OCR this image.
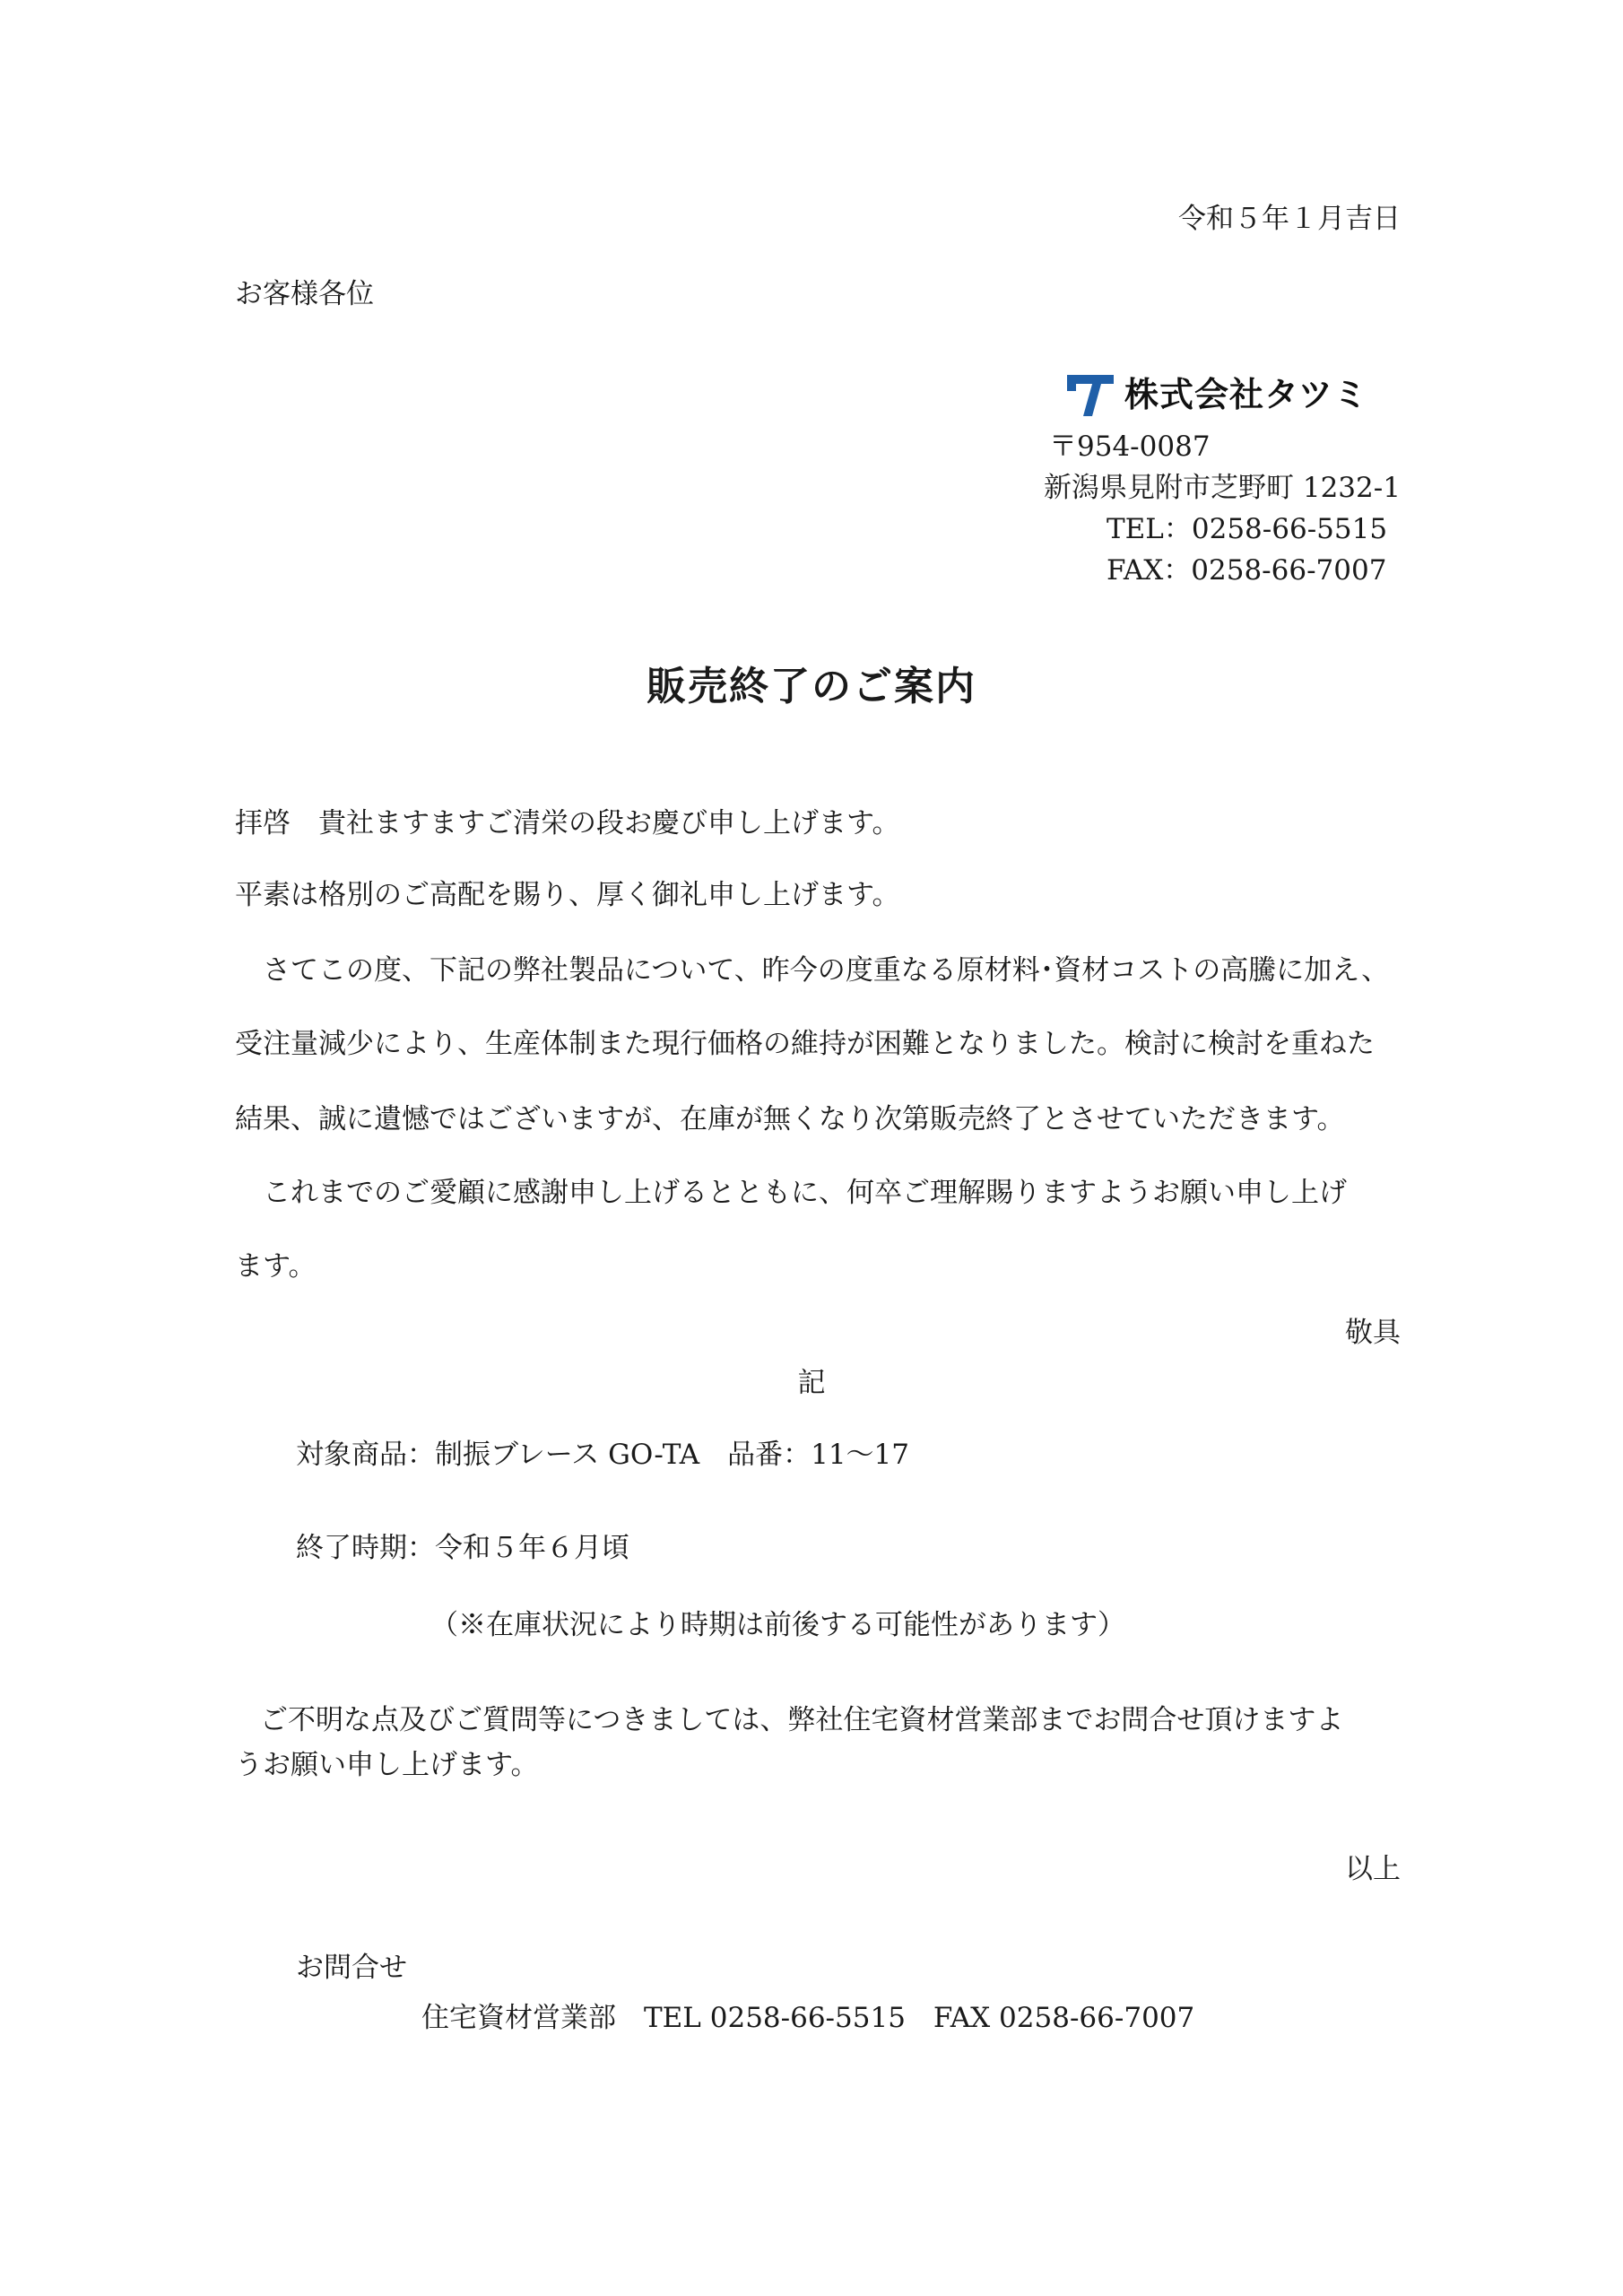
令和５年１月吉日
お客様各位
株式会社タツミ
〒954-0087
新潟県見附市芝野町 1232-1
TEL：0258-66-5515
FAX：0258-66-7007
販売終了のご案内
拝啓　貴社ますますご清栄の段お慶び申し上げます。
平素は格別のご高配を賜り、厚く御礼申し上げます。
　さてこの度、下記の弊社製品について、昨今の度重なる原材料･資材コストの高騰に加え、
受注量減少により、生産体制また現行価格の維持が困難となりました。検討に検討を重ねた
結果、誠に遺憾ではございますが、在庫が無くなり次第販売終了とさせていただきます。
　これまでのご愛顧に感謝申し上げるとともに、何卒ご理解賜りますようお願い申し上げ
ます。
敬具
記
対象商品：制振ブレース GO-TA　品番：11～17
終了時期：令和５年６月頃
（※在庫状況により時期は前後する可能性があります）
ご不明な点及びご質問等につきましては、弊社住宅資材営業部までお問合せ頂けますよ
うお願い申し上げます。
以上
お問合せ
住宅資材営業部　TEL 0258-66-5515　FAX 0258-66-7007
